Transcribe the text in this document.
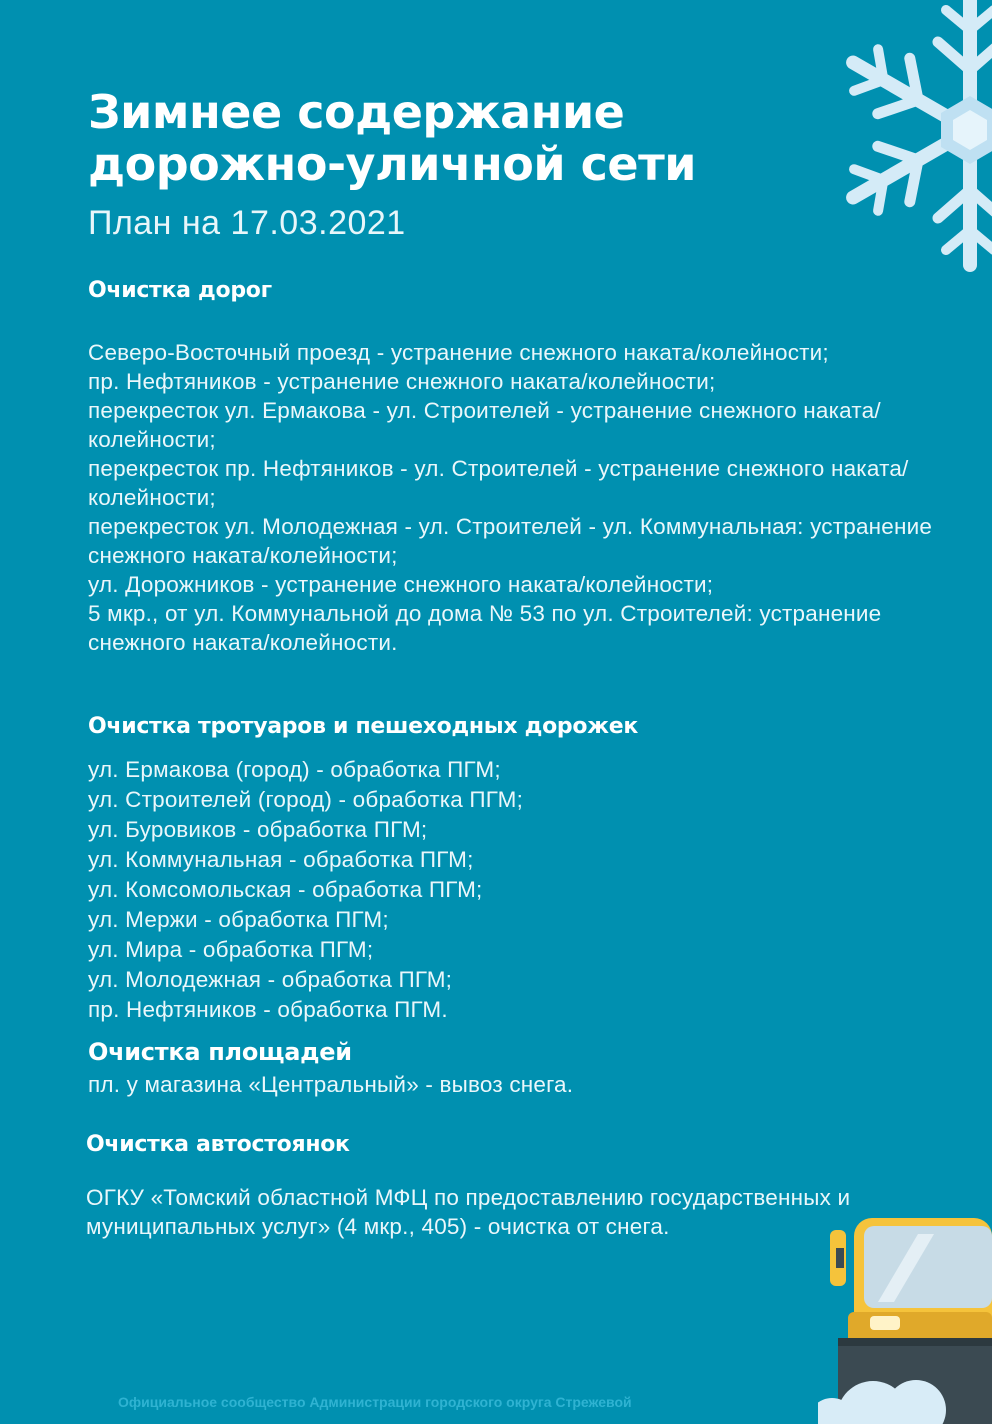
Зимнее содержание
дорожно-уличной сети

План на 17.03.2021

Очистка дорог
Северо-Восточный проезд - устранение снежного наката/колейности;
пр. Нефтяников - устранение снежного наката/колейности;
перекресток ул. Ермакова - ул. Строителей - устранение снежного наката/колейности;
перекресток пр. Нефтяников - ул. Строителей - устранение снежного наката/колейности;
перекресток ул. Молодежная - ул. Строителей - ул. Коммунальная: устранение снежного наката/колейности;
ул. Дорожников - устранение снежного наката/колейности;
5 мкр., от ул. Коммунальной до дома № 53 по ул. Строителей: устранение снежного наката/колейности.
Очистка тротуаров и пешеходных дорожек
ул. Ермакова (город) - обработка ПГМ;
ул. Строителей (город) - обработка ПГМ;
ул. Буровиков - обработка ПГМ;
ул. Коммунальная - обработка ПГМ;
ул. Комсомольская - обработка ПГМ;
ул. Мержи - обработка ПГМ;
ул. Мира - обработка ПГМ;
ул. Молодежная - обработка ПГМ;
пр. Нефтяников - обработка ПГМ.
Очистка площадей
пл. у магазина «Центральный» - вывоз снега.
Очистка автостоянок
ОГКУ «Томский областной МФЦ по предоставлению государственных и муниципальных услуг» (4 мкр., 405) - очистка от снега.

Официальное сообщество Администрации городского округа Стрежевой
